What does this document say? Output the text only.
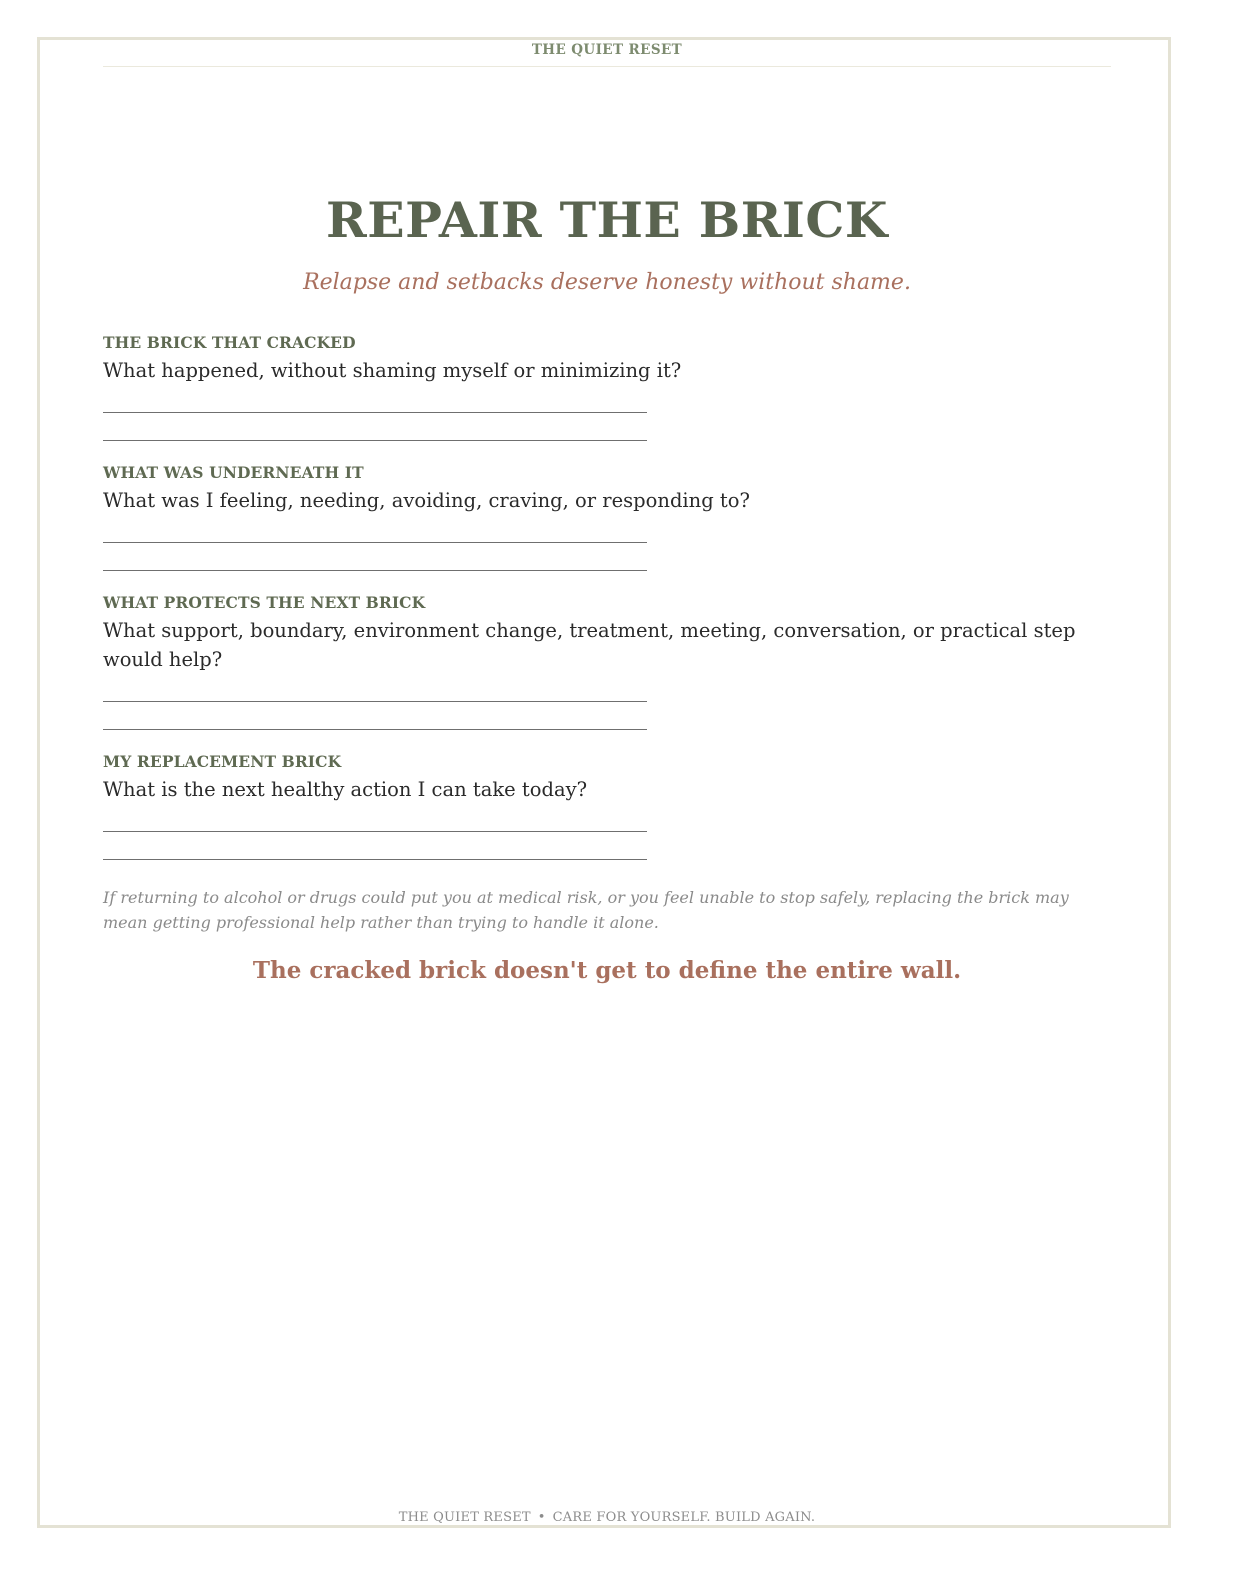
THE QUIET RESET
REPAIR THE BRICK
Relapse and setbacks deserve honesty without shame.
THE BRICK THAT CRACKED
What happened, without shaming myself or minimizing it?
WHAT WAS UNDERNEATH IT
What was I feeling, needing, avoiding, craving, or responding to?
WHAT PROTECTS THE NEXT BRICK
What support, boundary, environment change, treatment, meeting, conversation, or practical step would help?
MY REPLACEMENT BRICK
What is the next healthy action I can take today?
If returning to alcohol or drugs could put you at medical risk, or you feel unable to stop safely, replacing the brick may mean getting professional help rather than trying to handle it alone.
The cracked brick doesn't get to define the entire wall.
THE QUIET RESET • CARE FOR YOURSELF. BUILD AGAIN.
